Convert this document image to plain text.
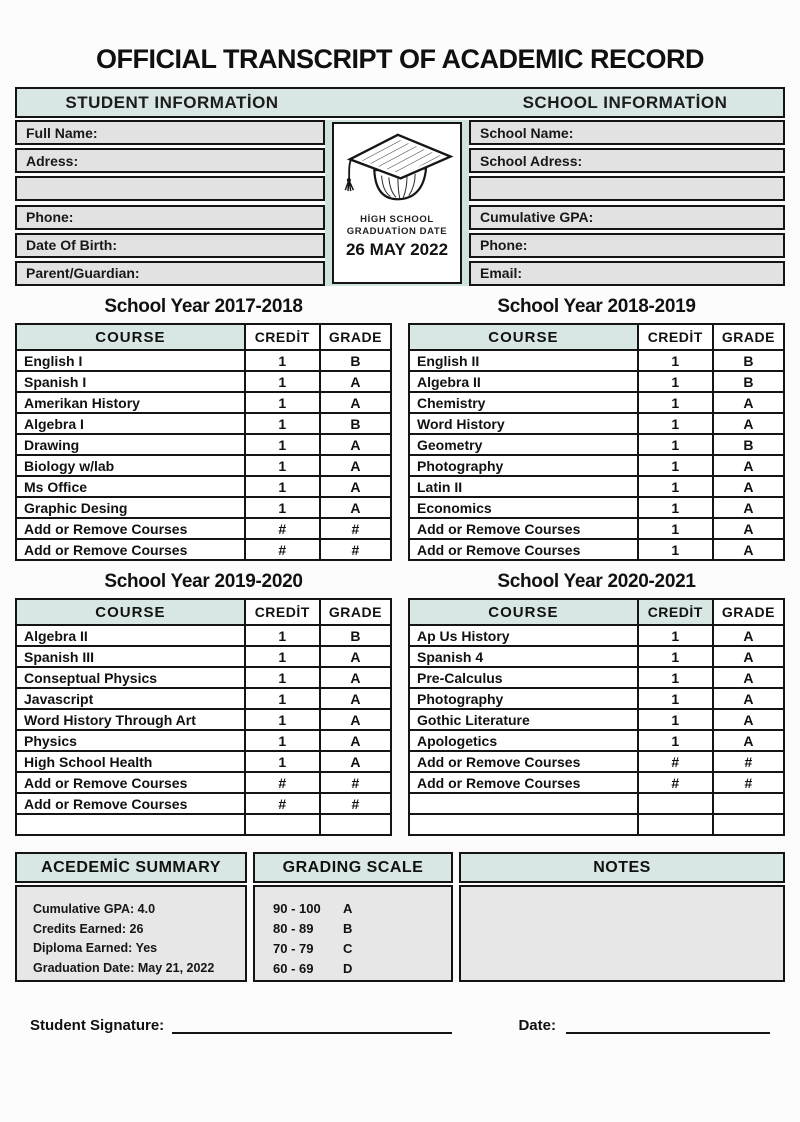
OFFICIAL TRANSCRIPT OF ACADEMIC RECORD
STUDENT INFORMATİON	SCHOOL INFORMATİON
Full Name:
Adress:
Phone:
Date Of Birth:
Parent/Guardian:
HİGH SCHOOL
GRADUATİON DATE
26 MAY 2022
School Name:
School Adress:
Cumulative GPA:
Phone:
Email:
School Year 2017-2018
COURSE	CREDİT	GRADE
English I	1	B
Spanish I	1	A
Amerikan History	1	A
Algebra I	1	B
Drawing	1	A
Biology w/lab	1	A
Ms Office	1	A
Graphic Desing	1	A
Add or Remove Courses	#	#
Add or Remove Courses	#	#
School Year 2018-2019
COURSE	CREDİT	GRADE
English II	1	B
Algebra II	1	B
Chemistry	1	A
Word History	1	A
Geometry	1	B
Photography	1	A
Latin II	1	A
Economics	1	A
Add or Remove Courses	1	A
Add or Remove Courses	1	A
School Year 2019-2020
COURSE	CREDİT	GRADE
Algebra II	1	B
Spanish III	1	A
Conseptual Physics	1	A
Javascript	1	A
Word History Through Art	1	A
Physics	1	A
High School Health	1	A
Add or Remove Courses	#	#
Add or Remove Courses	#	#

School Year 2020-2021
COURSE	CREDİT	GRADE
Ap Us History	1	A
Spanish 4	1	A
Pre-Calculus	1	A
Photography	1	A
Gothic Literature	1	A
Apologetics	1	A
Add or Remove Courses	#	#
Add or Remove Courses	#	#

ACEDEMİC SUMMARY
Cumulative GPA: 4.0
Credits Earned: 26
Diploma Earned: Yes
Graduation Date: May 21, 2022
GRADING SCALE
90 - 100	A
80 - 89	B
70 - 79	C
60 - 69	D
NOTES
Student Signature:	Date:
